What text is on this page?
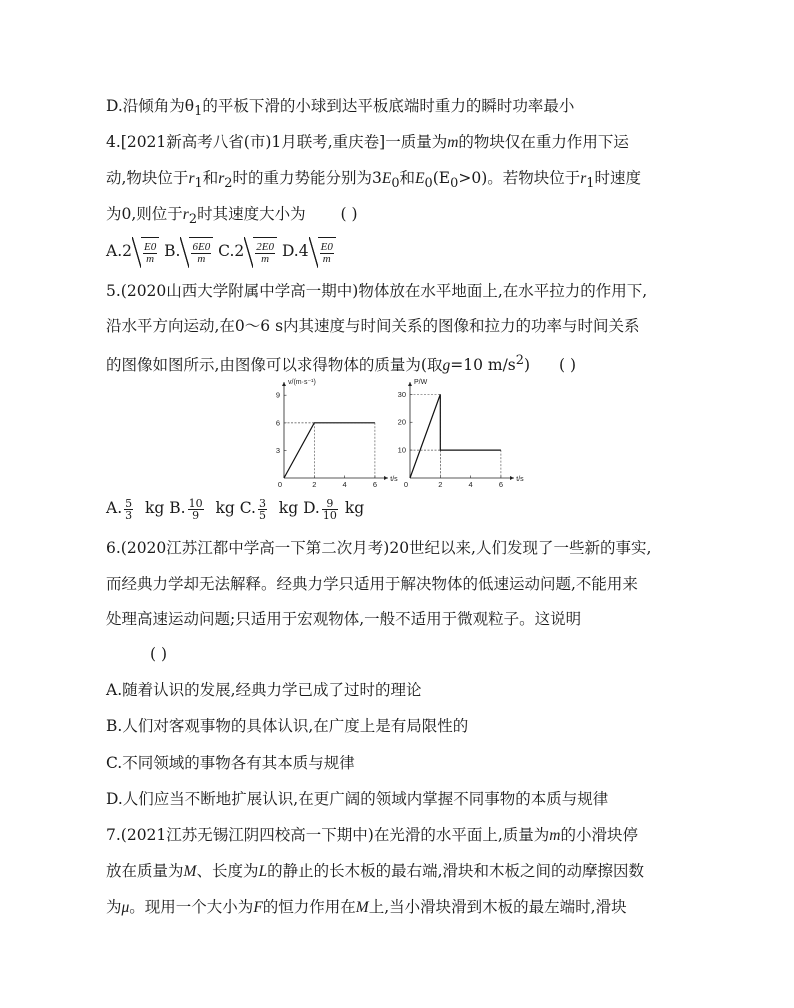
D.沿倾角为$\theta_1$的平板下滑的小球到达平板底端时重力的瞬时功率最小
4.[2021新高考八省(市)1月联考,重庆卷]一质量为m的物块仅在重力作用下运
动,物块位于$r_1$和$r_2$时的重力势能分别为$3E_0$和$E_0(E_0>0)$。若物块位于$r_1$时速度
为0,则位于$r_2$时其速度大小为 ( )
$A.2 \frac{E0}{m} B$. $\frac{6E0}{m} C.2 \frac{2E0}{m} D.4 \frac{E0}{m}$
5.(2020山西大学附属中学高一期中)物体放在水平地面上,在水平拉力的作用下,
沿水平方向运动,在0～6 s内其速度与时间关系的图像和拉力的功率与时间关系
的图像如图所示,由图像可以求得物体的质量为(取g=10 $m/s^2$) ( )
v/(m·s⁻¹)
t/s
0	2	4	6
3
6
9
P/W
t/s
0	2	4	6
10
20
30
A. $\frac{5}{3}$ kg B. $\frac{10}{9}$ kg C. $\frac{3}{5}$ kg D. $\frac{9}{10}$ kg
6.(2020江苏江都中学高一下第二次月考)20世纪以来,人们发现了一些新的事实,
而经典力学却无法解释。经典力学只适用于解决物体的低速运动问题,不能用来
处理高速运动问题;只适用于宏观物体,一般不适用于微观粒子。这说明
( )
A.随着认识的发展,经典力学已成了过时的理论
B.人们对客观事物的具体认识,在广度上是有局限性的
C.不同领域的事物各有其本质与规律
D.人们应当不断地扩展认识,在更广阔的领域内掌握不同事物的本质与规律
7.(2021江苏无锡江阴四校高一下期中)在光滑的水平面上,质量为m的小滑块停
放在质量为M、长度为L的静止的长木板的最右端,滑块和木板之间的动摩擦因数
为μ。现用一个大小为F的恒力作用在M上,当小滑块滑到木板的最左端时,滑块
